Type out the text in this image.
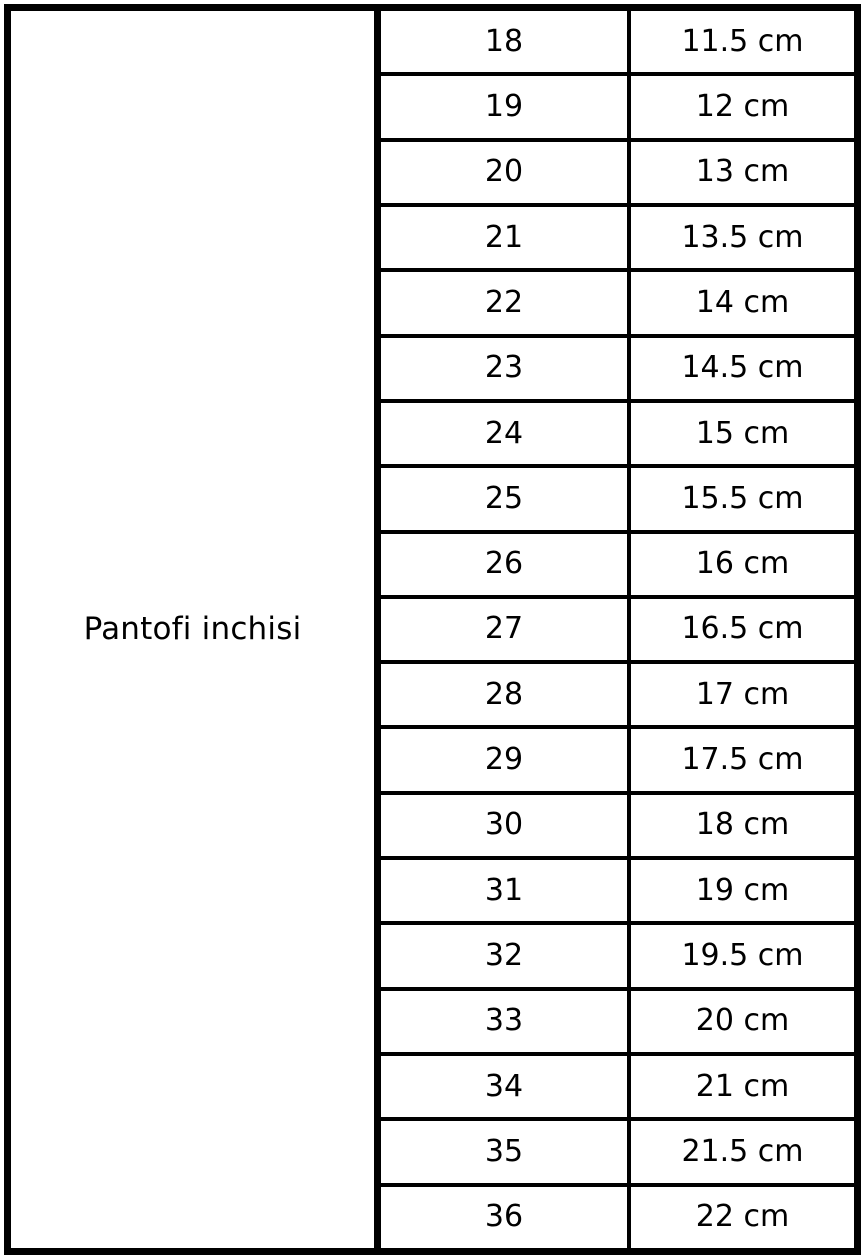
Pantofi inchisi
18	11.5 cm
19	12 cm
20	13 cm
21	13.5 cm
22	14 cm
23	14.5 cm
24	15 cm
25	15.5 cm
26	16 cm
27	16.5 cm
28	17 cm
29	17.5 cm
30	18 cm
31	19 cm
32	19.5 cm
33	20 cm
34	21 cm
35	21.5 cm
36	22 cm
